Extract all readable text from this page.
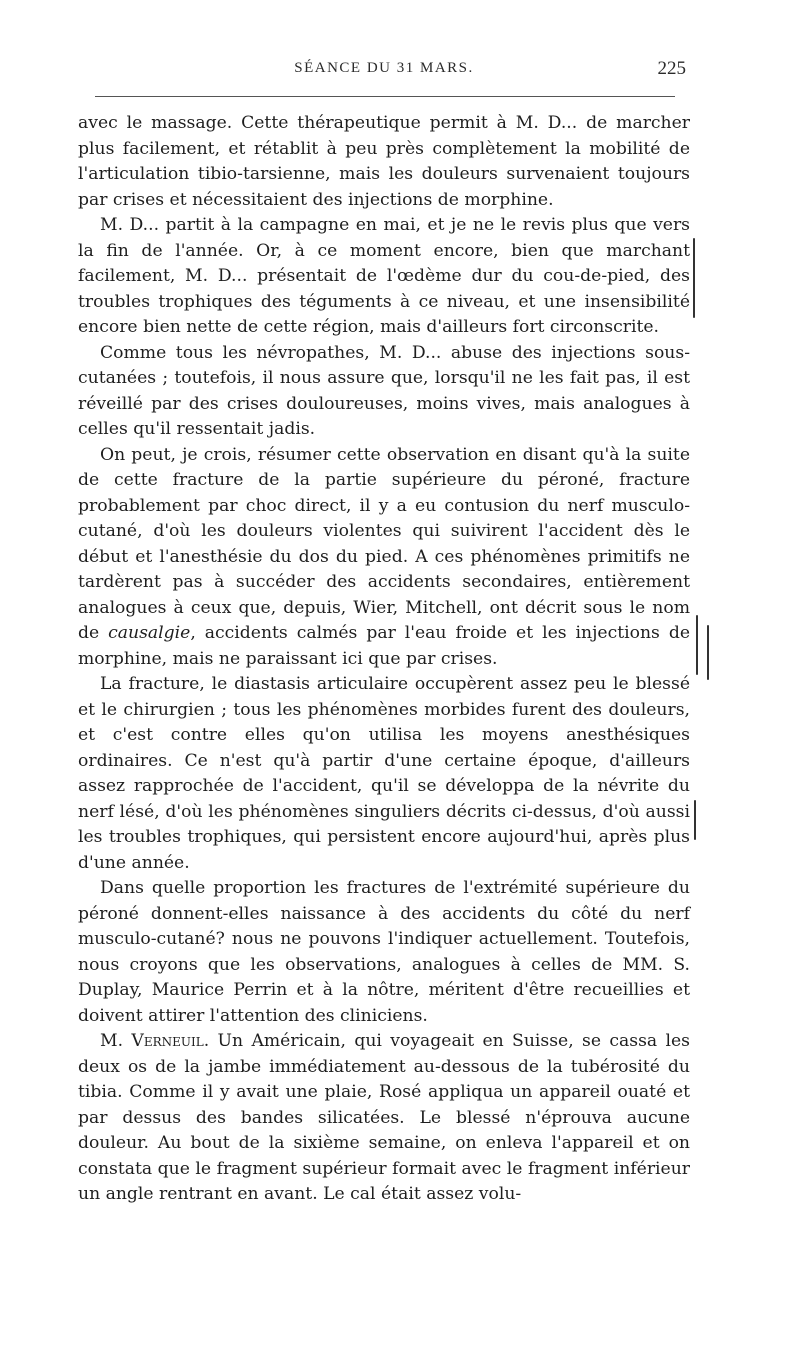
SÉANCE DU 31 MARS.	225

avec le massage. Cette thérapeutique permit à M. D... de marcher plus facilement, et rétablit à peu près complètement la mobilité de l'articulation tibio-tarsienne, mais les douleurs survenaient toujours par crises et nécessitaient des injections de morphine.

M. D... partit à la campagne en mai, et je ne le revis plus que vers la fin de l'année. Or, à ce moment encore, bien que marchant facilement, M. D... présentait de l'œdème dur du cou-de-pied, des troubles trophiques des téguments à ce niveau, et une insensibilité encore bien nette de cette région, mais d'ailleurs fort circonscrite.

Comme tous les névropathes, M. D... abuse des injections sous-cutanées ; toutefois, il nous assure que, lorsqu'il ne les fait pas, il est réveillé par des crises douloureuses, moins vives, mais analogues à celles qu'il ressentait jadis.

On peut, je crois, résumer cette observation en disant qu'à la suite de cette fracture de la partie supérieure du péroné, fracture probablement par choc direct, il y a eu contusion du nerf musculo-cutané, d'où les douleurs violentes qui suivirent l'accident dès le début et l'anesthésie du dos du pied. A ces phénomènes primitifs ne tardèrent pas à succéder des accidents secondaires, entièrement analogues à ceux que, depuis, Wier, Mitchell, ont décrit sous le nom de causalgie, accidents calmés par l'eau froide et les injections de morphine, mais ne paraissant ici que par crises.

La fracture, le diastasis articulaire occupèrent assez peu le blessé et le chirurgien ; tous les phénomènes morbides furent des douleurs, et c'est contre elles qu'on utilisa les moyens anesthésiques ordinaires. Ce n'est qu'à partir d'une certaine époque, d'ailleurs assez rapprochée de l'accident, qu'il se développa de la névrite du nerf lésé, d'où les phénomènes singuliers décrits ci-dessus, d'où aussi les troubles trophiques, qui persistent encore aujourd'hui, après plus d'une année.

Dans quelle proportion les fractures de l'extrémité supérieure du péroné donnent-elles naissance à des accidents du côté du nerf musculo-cutané? nous ne pouvons l'indiquer actuellement. Toutefois, nous croyons que les observations, analogues à celles de MM. S. Duplay, Maurice Perrin et à la nôtre, méritent d'être recueillies et doivent attirer l'attention des cliniciens.

M. Verneuil. Un Américain, qui voyageait en Suisse, se cassa les deux os de la jambe immédiatement au-dessous de la tubérosité du tibia. Comme il y avait une plaie, Rosé appliqua un appareil ouaté et par dessus des bandes silicatées. Le blessé n'éprouva aucune douleur. Au bout de la sixième semaine, on enleva l'appareil et on constata que le fragment supérieur formait avec le fragment inférieur un angle rentrant en avant. Le cal était assez volu-
